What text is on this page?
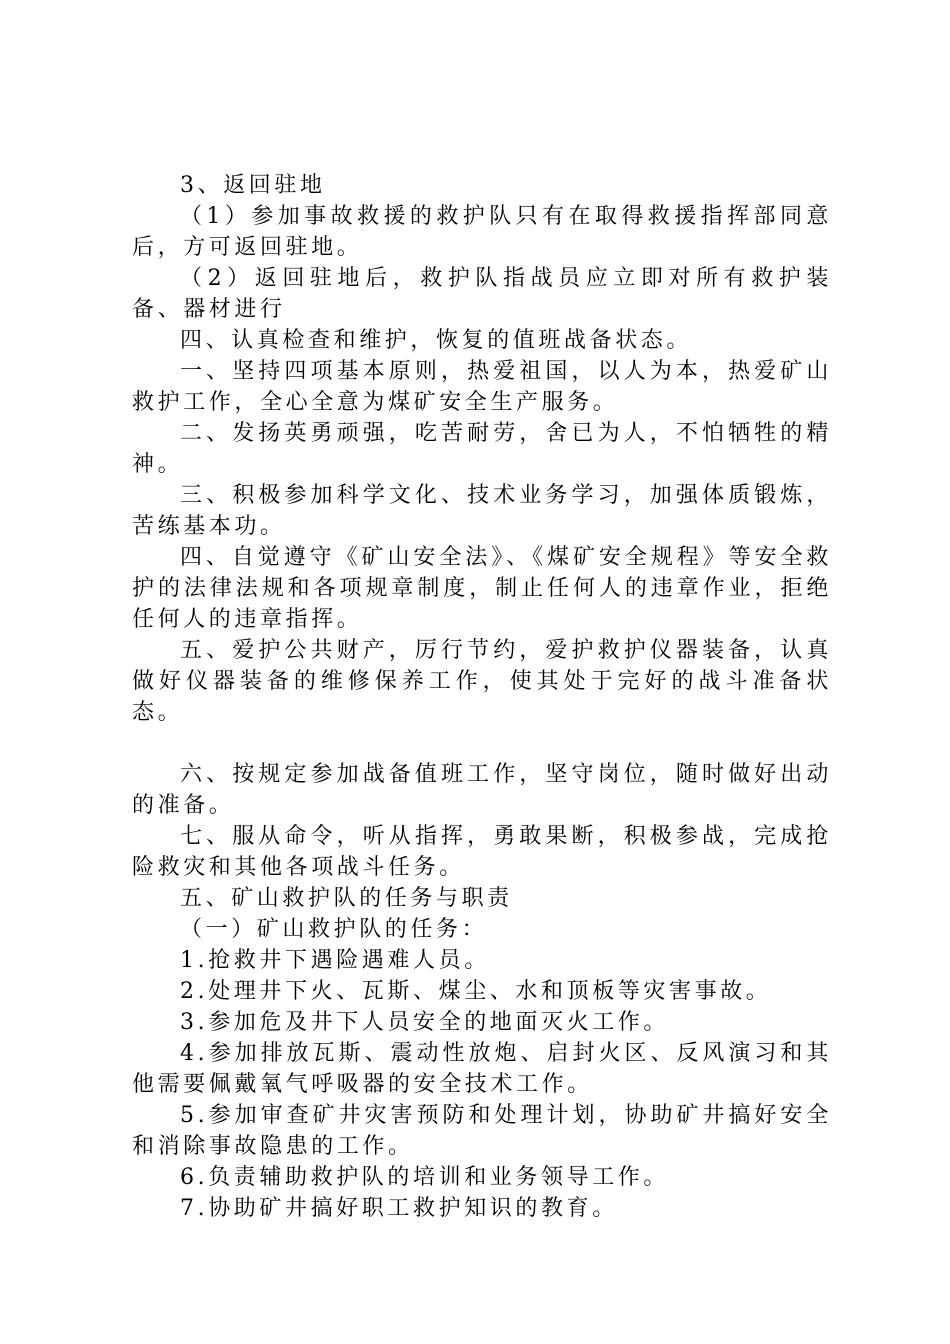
3、返回驻地

（1）参加事故救援的救护队只有在取得救援指挥部同意后，方可返回驻地。

（2）返回驻地后，救护队指战员应立即对所有救护装备、器材进行

四、认真检查和维护，恢复的值班战备状态。

一、坚持四项基本原则，热爱祖国，以人为本，热爱矿山救护工作，全心全意为煤矿安全生产服务。

二、发扬英勇顽强，吃苦耐劳，舍已为人，不怕牺牲的精神。

三、积极参加科学文化、技术业务学习，加强体质锻炼，苦练基本功。

四、自觉遵守《矿山安全法》、《煤矿安全规程》等安全救护的法律法规和各项规章制度，制止任何人的违章作业，拒绝任何人的违章指挥。

五、爱护公共财产，厉行节约，爱护救护仪器装备，认真做好仪器装备的维修保养工作，使其处于完好的战斗准备状态。

六、按规定参加战备值班工作，坚守岗位，随时做好出动的准备。

七、服从命令，听从指挥，勇敢果断，积极参战，完成抢险救灾和其他各项战斗任务。

五、矿山救护队的任务与职责

（一）矿山救护队的任务：

1.抢救井下遇险遇难人员。

2.处理井下火、瓦斯、煤尘、水和顶板等灾害事故。

3.参加危及井下人员安全的地面灭火工作。

4.参加排放瓦斯、震动性放炮、启封火区、反风演习和其他需要佩戴氧气呼吸器的安全技术工作。

5.参加审查矿井灾害预防和处理计划，协助矿井搞好安全和消除事故隐患的工作。

6.负责辅助救护队的培训和业务领导工作。

7.协助矿井搞好职工救护知识的教育。
